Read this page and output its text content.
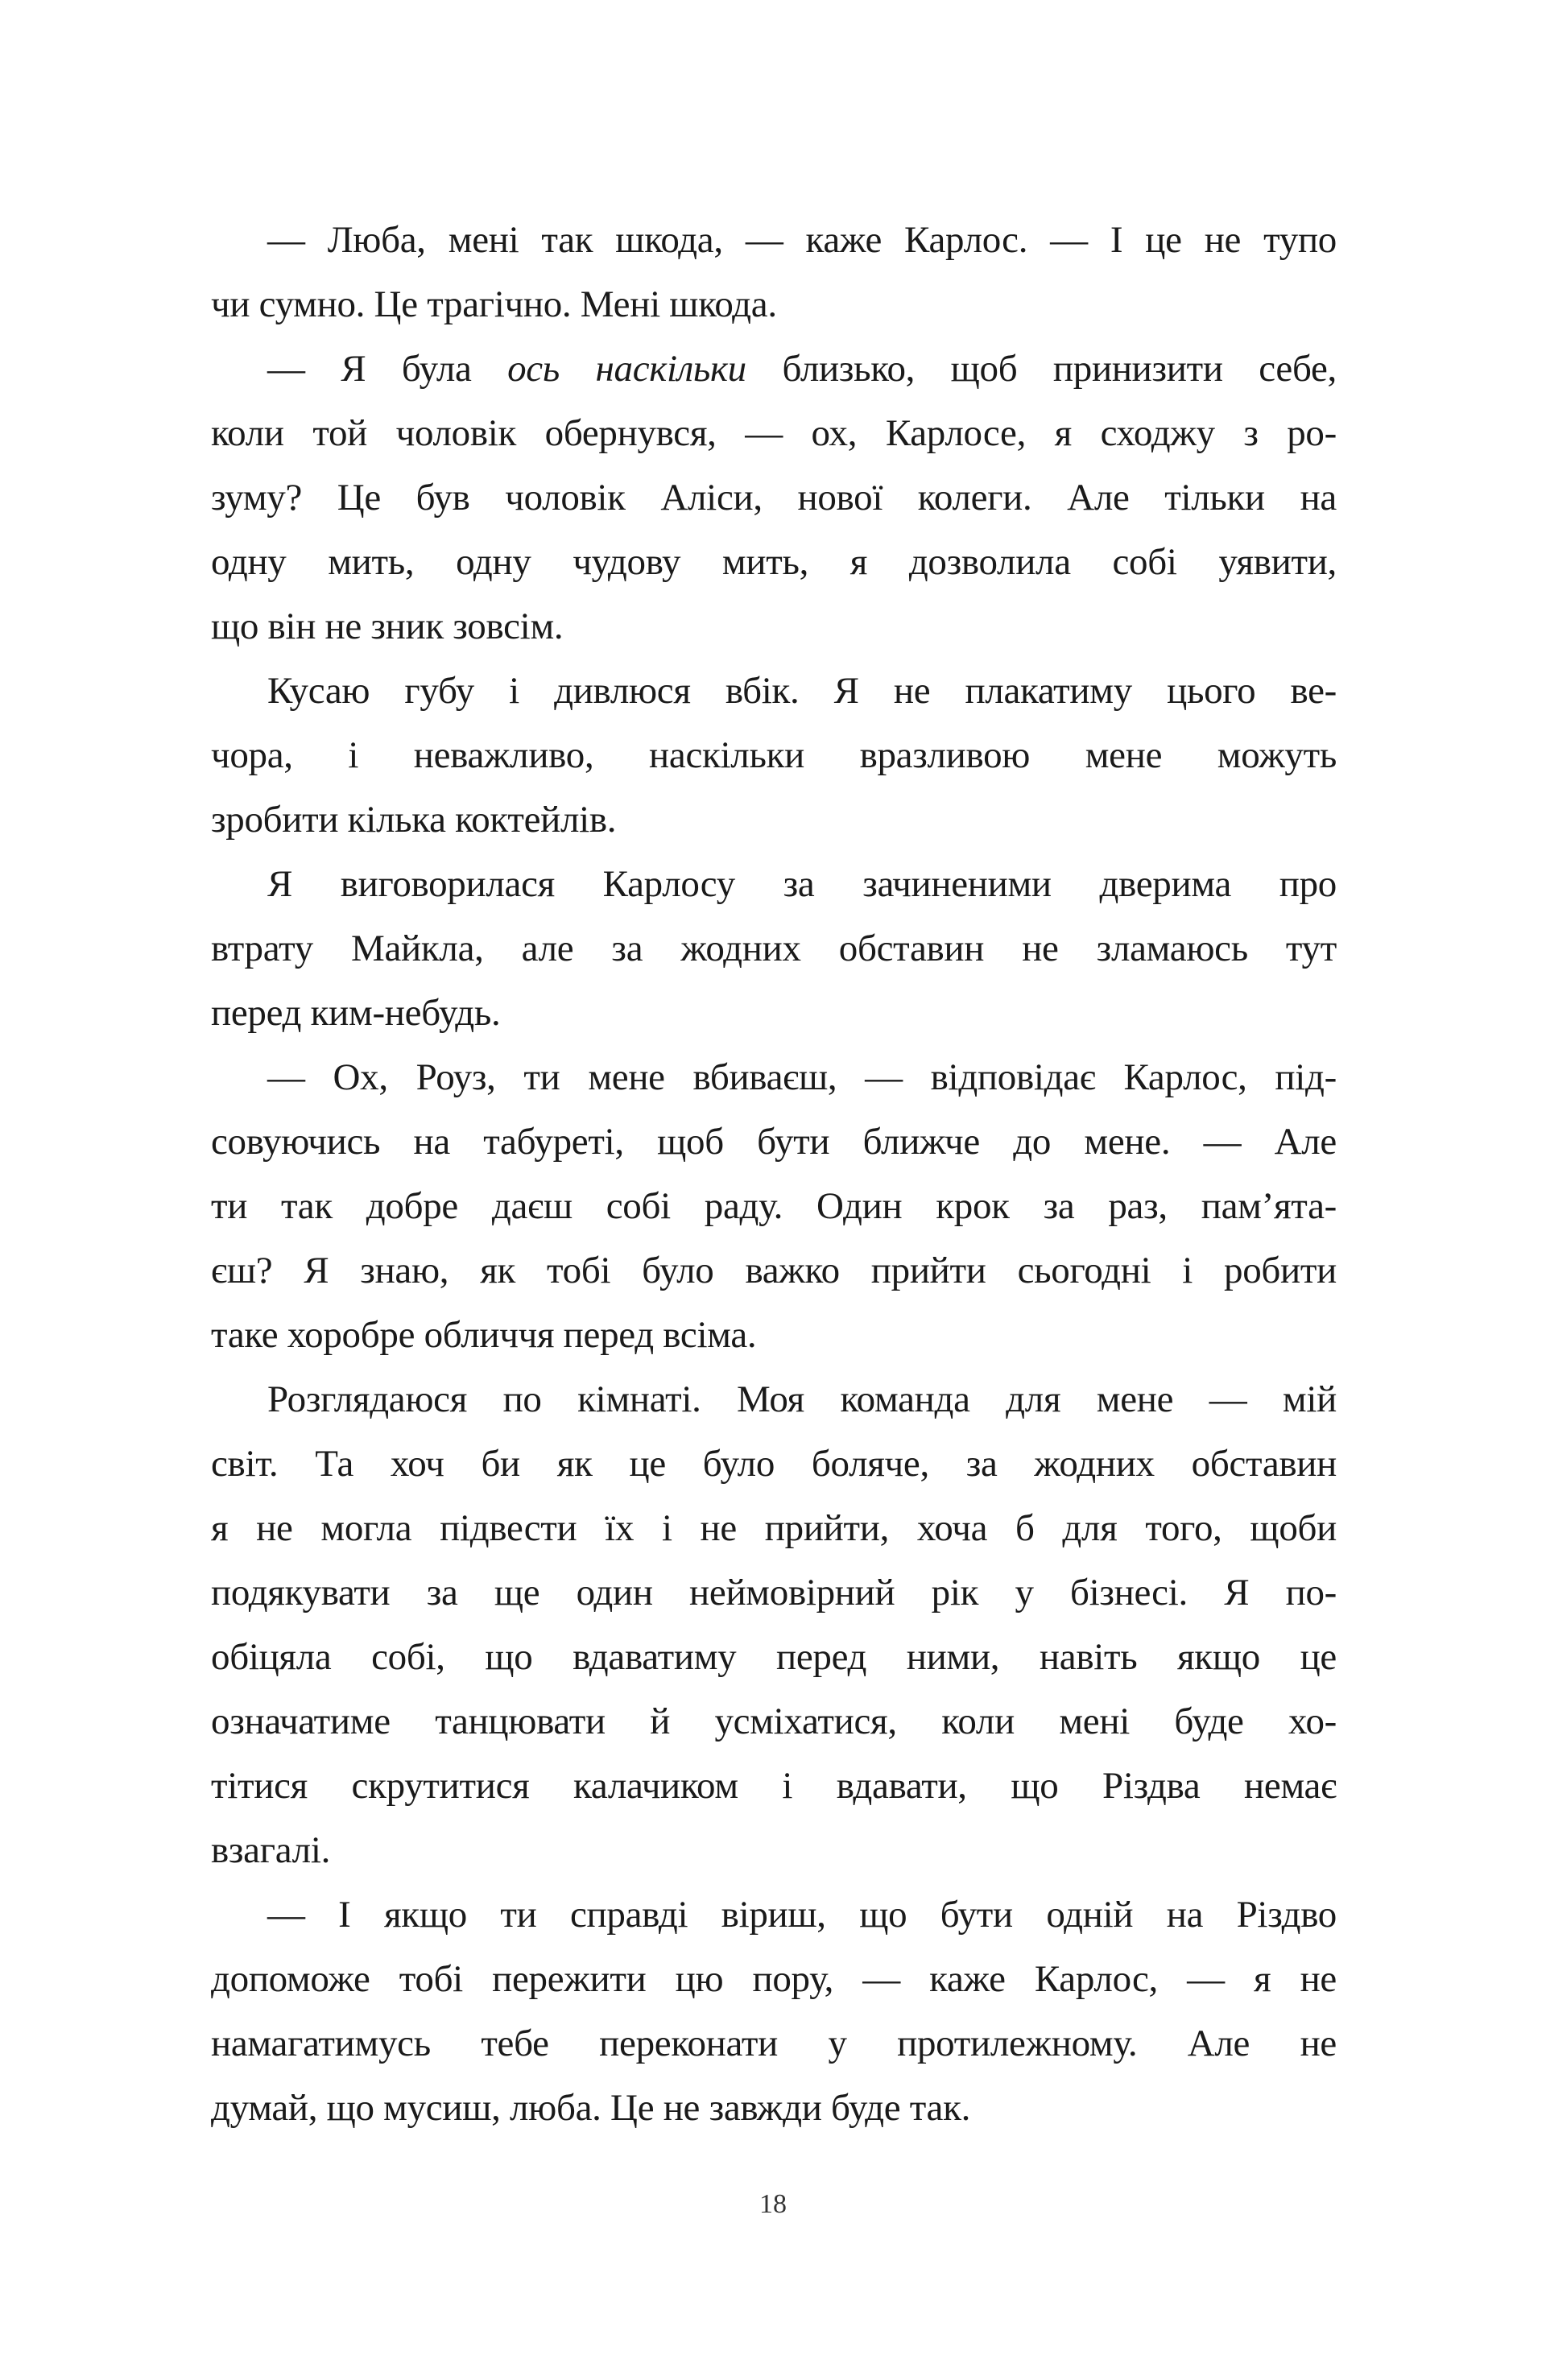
— Люба, мені так шкода, — каже Карлос. — І це не тупо
чи сумно. Це трагічно. Мені шкода.
— Я була ось наскільки близько, щоб принизити себе,
коли той чоловік обернувся, — ох, Карлосе, я сходжу з ро-
зуму? Це був чоловік Аліси, нової колеги. Але тільки на
одну мить, одну чудову мить, я дозволила собі уявити,
що він не зник зовсім.
Кусаю губу і дивлюся вбік. Я не плакатиму цього ве-
чора, і неважливо, наскільки вразливою мене можуть
зробити кілька коктейлів.
Я виговорилася Карлосу за зачиненими дверима про
втрату Майкла, але за жодних обставин не зламаюсь тут
перед ким-небудь.
— Ох, Роуз, ти мене вбиваєш, — відповідає Карлос, під-
совуючись на табуреті, щоб бути ближче до мене. — Але
ти так добре даєш собі раду. Один крок за раз, пам’ята-
єш? Я знаю, як тобі було важко прийти сьогодні і робити
таке хоробре обличчя перед всіма.
Розглядаюся по кімнаті. Моя команда для мене — мій
світ. Та хоч би як це було боляче, за жодних обставин
я не могла підвести їх і не прийти, хоча б для того, щоби
подякувати за ще один неймовірний рік у бізнесі. Я по-
обіцяла собі, що вдаватиму перед ними, навіть якщо це
означатиме танцювати й усміхатися, коли мені буде хо-
тітися скрутитися калачиком і вдавати, що Різдва немає
взагалі.
— І якщо ти справді віриш, що бути одній на Різдво
допоможе тобі пережити цю пору, — каже Карлос, — я не
намагатимусь тебе переконати у протилежному. Але не
думай, що мусиш, люба. Це не завжди буде так.
18
